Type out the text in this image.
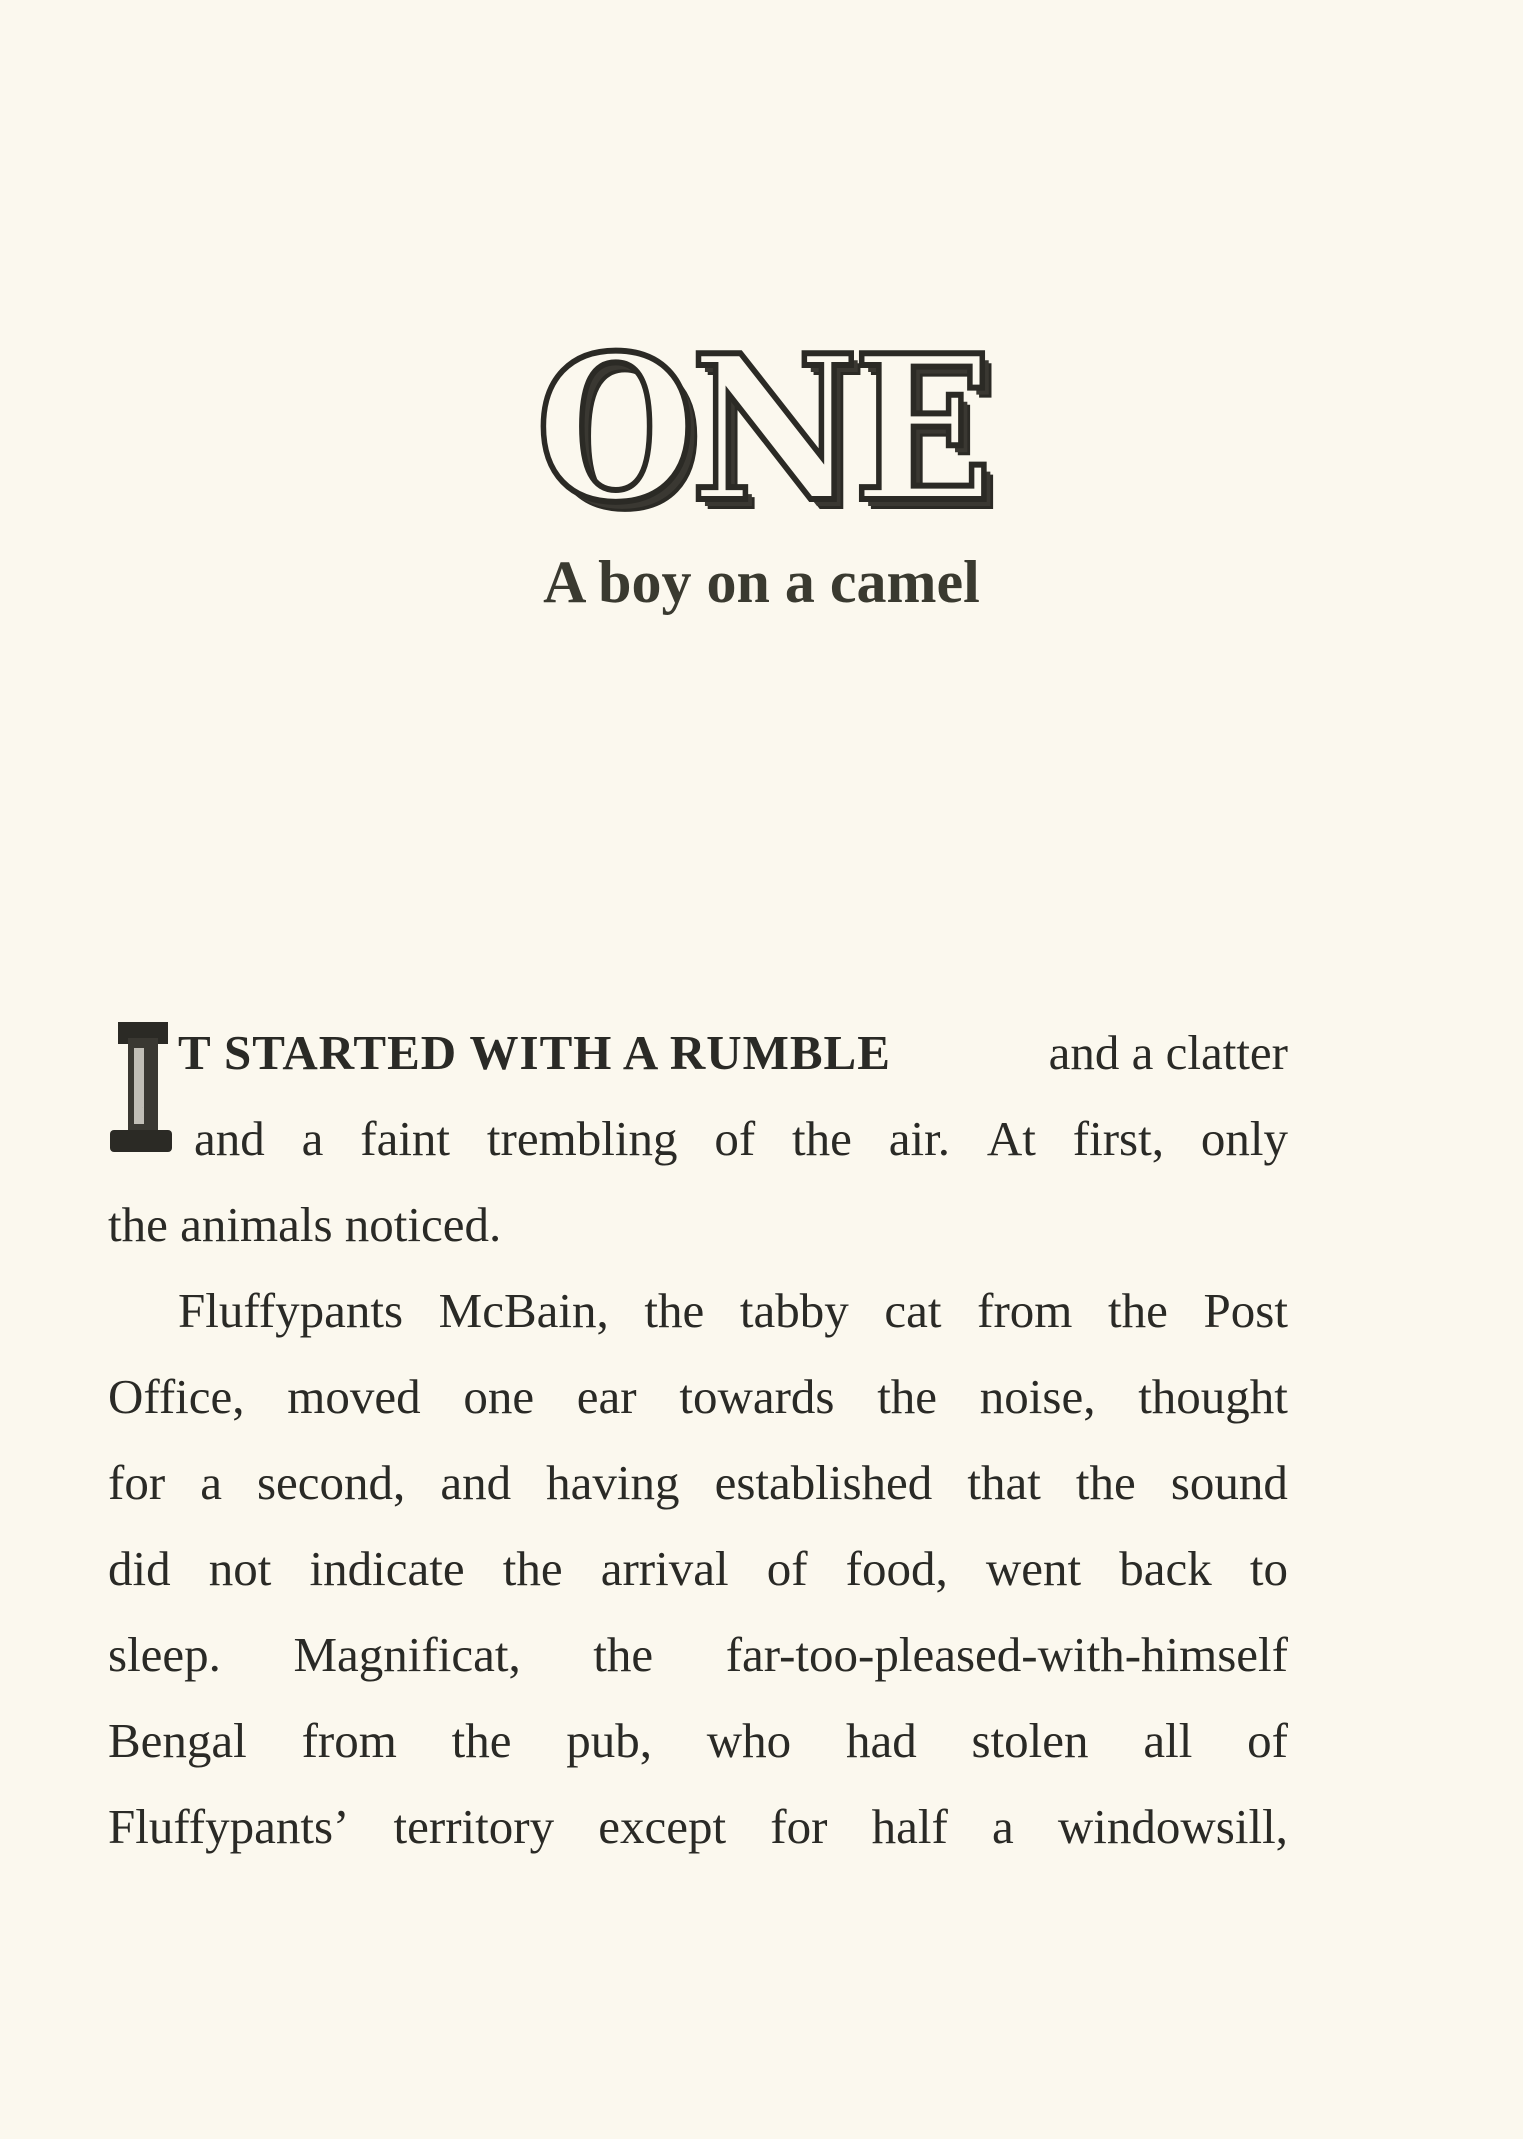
ONE
A boy on a camel
I
T STARTED WITH A RUMBLE	and a clatter
and a faint trembling of the air. At first, only
the animals noticed.
Fluffypants McBain, the tabby cat from the Post
Office, moved one ear towards the noise, thought
for a second, and having established that the sound
did not indicate the arrival of food, went back to
sleep. Magnificat, the far-too-pleased-with-himself
Bengal from the pub, who had stolen all of
Fluffypants’ territory except for half a windowsill,
